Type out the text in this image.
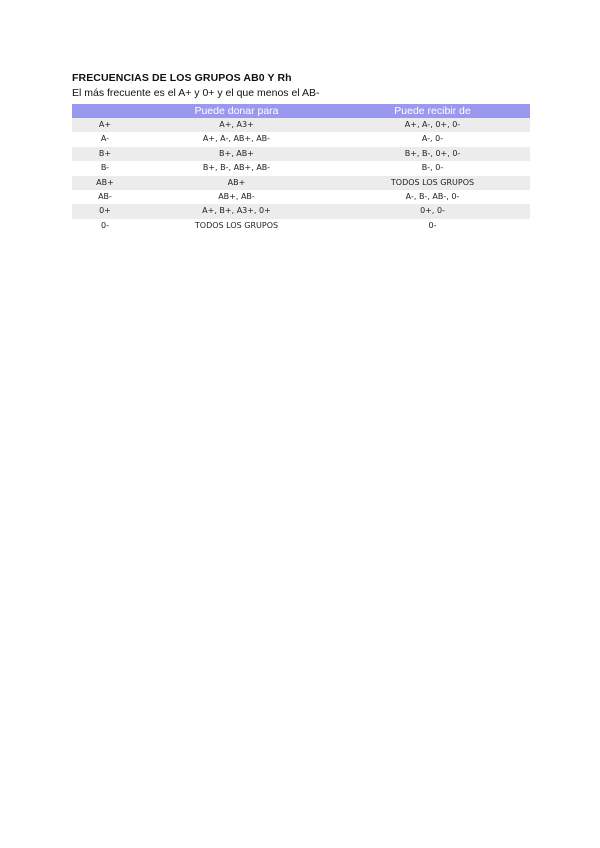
FRECUENCIAS DE LOS GRUPOS AB0 Y Rh
El más frecuente es el A+ y 0+ y el que menos el AB-
	Puede donar para	Puede recibir de
A+	A+, A3+	A+, A-, 0+, 0-
A-	A+, A-, AB+, AB-	A-, 0-
B+	B+, AB+	B+, B-, 0+, 0-
B-	B+, B-, AB+, AB-	B-, 0-
AB+	AB+	TODOS LOS GRUPOS
AB-	AB+, AB-	A-, B-, AB-, 0-
0+	A+, B+, A3+, 0+	0+, 0-
0-	TODOS LOS GRUPOS	0-
